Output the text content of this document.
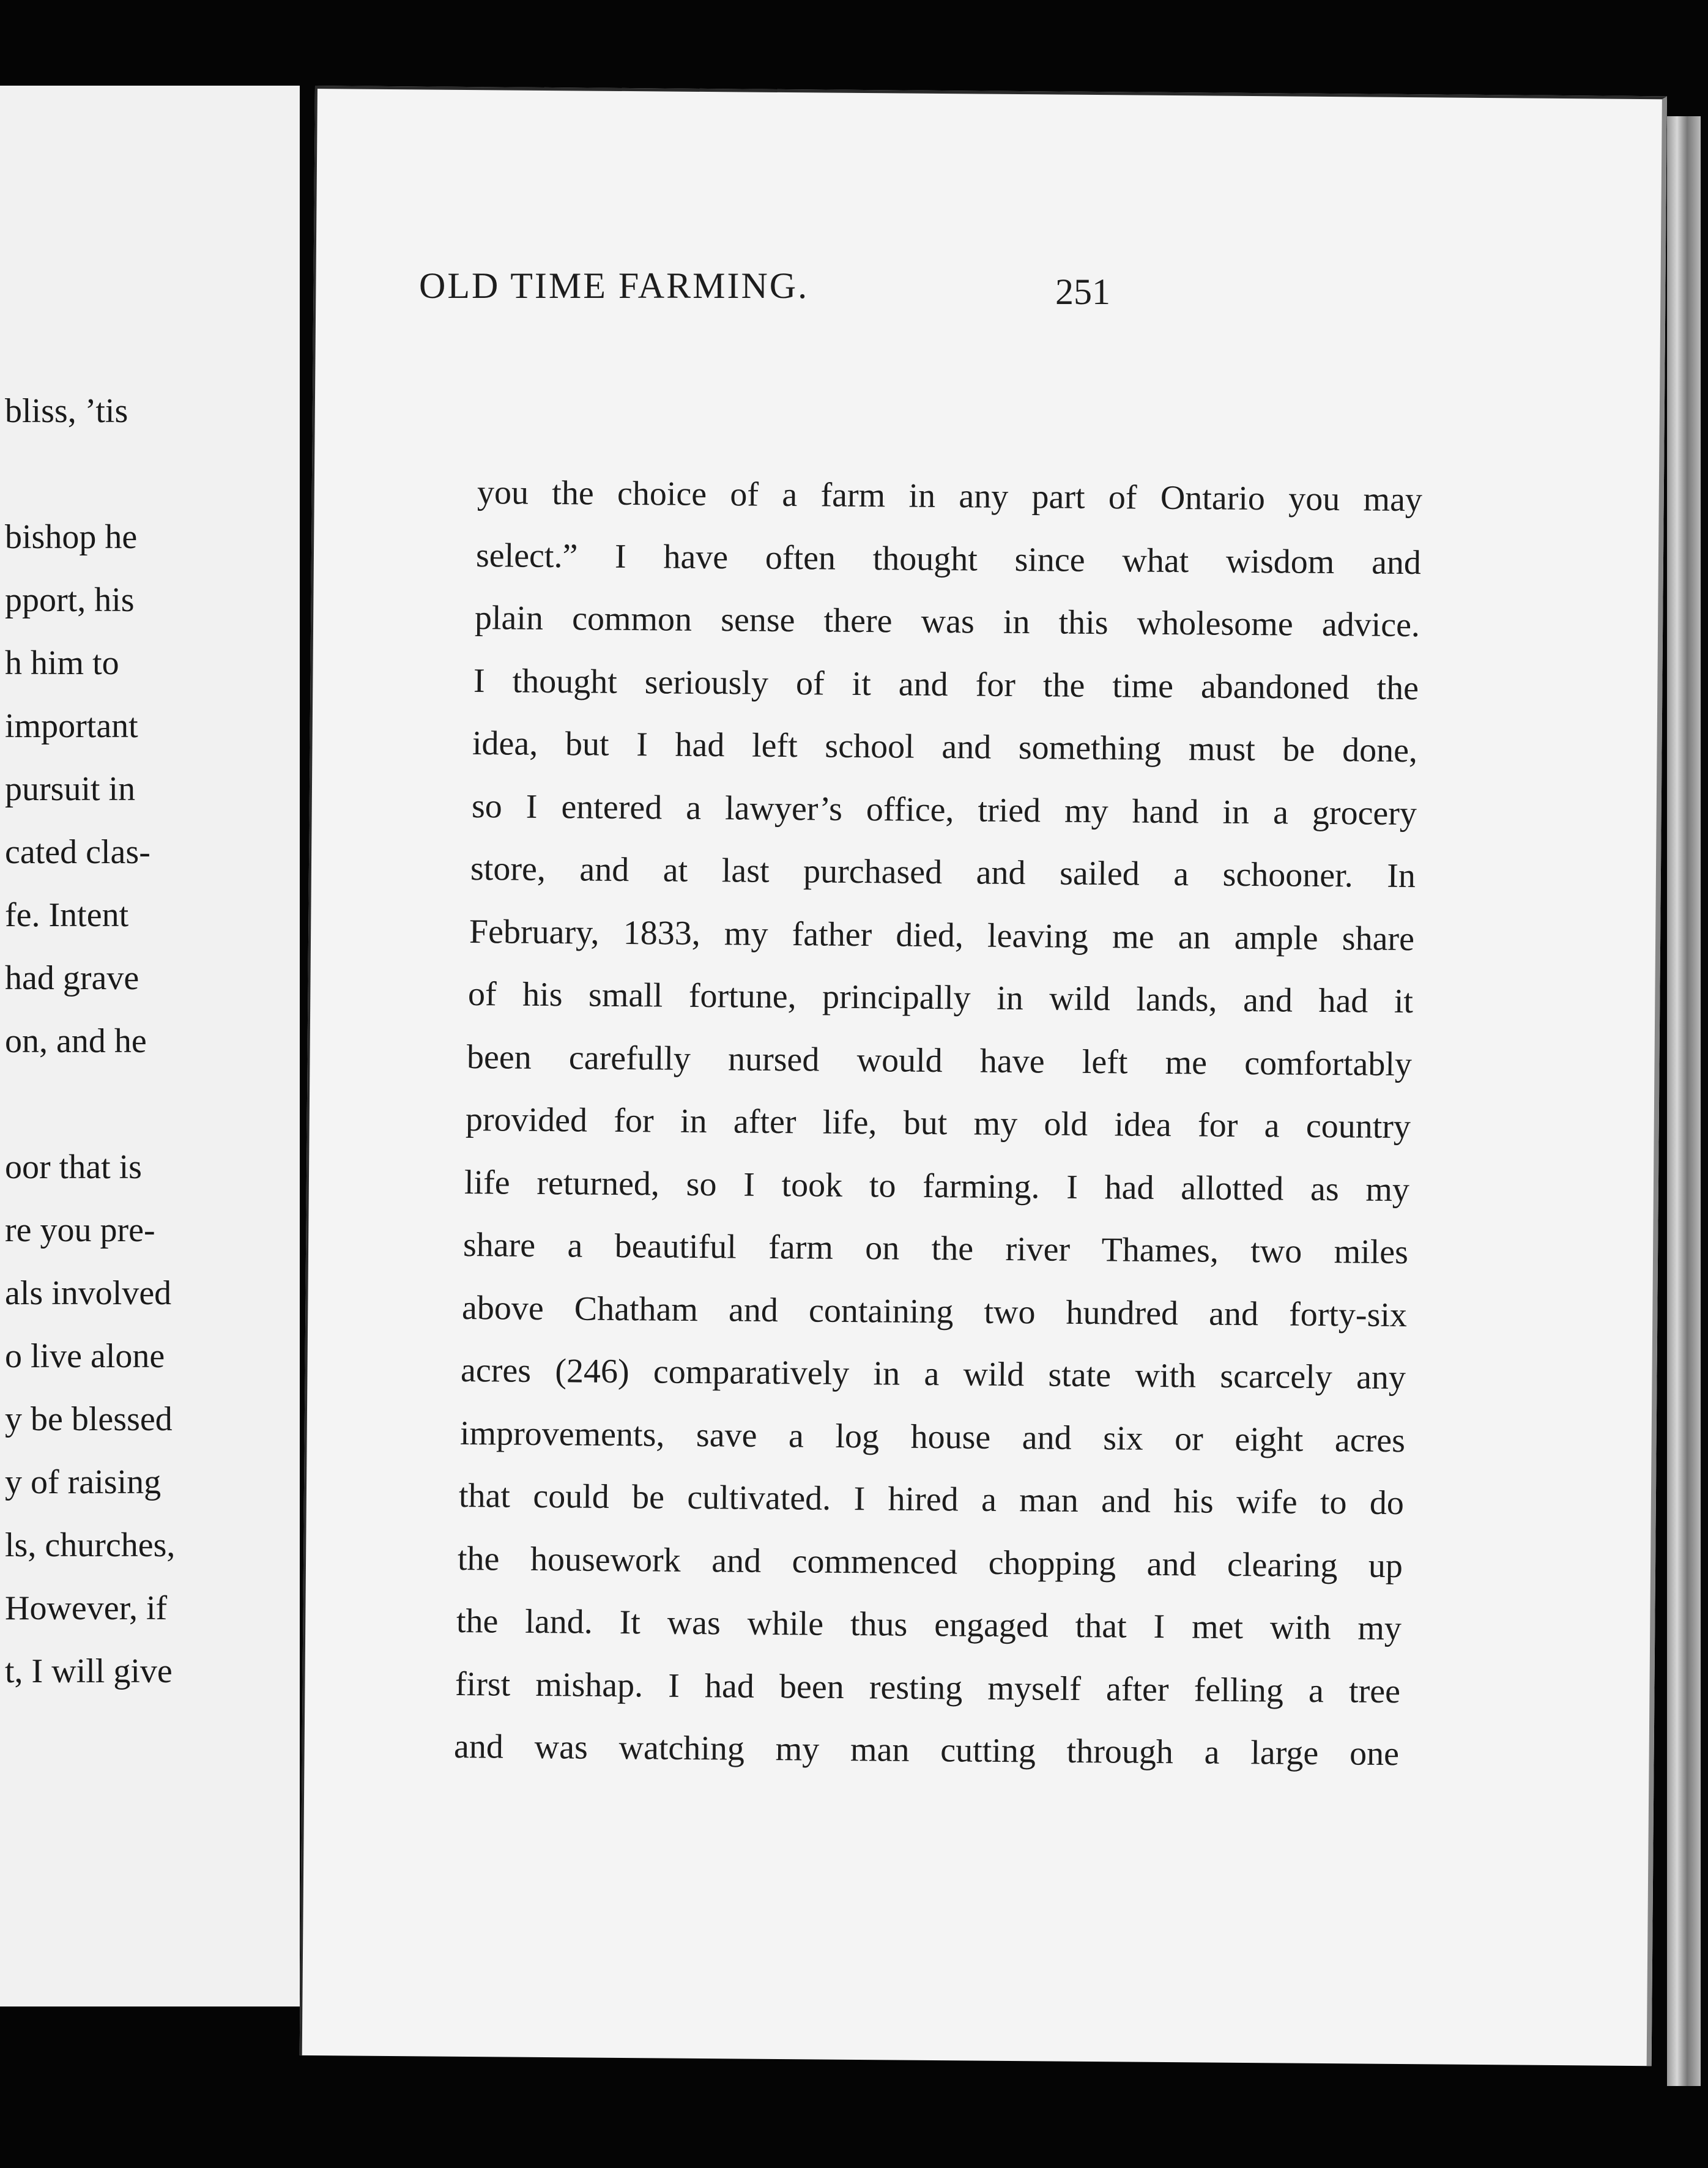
bliss, ’tis
bishop he
pport, his
h him to
important
pursuit in
cated clas-
fe. Intent
had grave
on, and he
oor that is
re you pre-
als involved
o live alone
y be blessed
y of raising
ls, churches,
However, if
t, I will give
OLD TIME FARMING.	251
you the choice of a farm in any part of Ontario you may
select.” I have often thought since what wisdom and
plain common sense there was in this wholesome advice.
I thought seriously of it and for the time abandoned the
idea, but I had left school and something must be done,
so I entered a lawyer’s office, tried my hand in a grocery
store, and at last purchased and sailed a schooner. In
February, 1833, my father died, leaving me an ample share
of his small fortune, principally in wild lands, and had it
been carefully nursed would have left me comfortably
provided for in after life, but my old idea for a country
life returned, so I took to farming. I had allotted as my
share a beautiful farm on the river Thames, two miles
above Chatham and containing two hundred and forty-six
acres (246) comparatively in a wild state with scarcely any
improvements, save a log house and six or eight acres
that could be cultivated. I hired a man and his wife to do
the housework and commenced chopping and clearing up
the land. It was while thus engaged that I met with my
first mishap. I had been resting myself after felling a tree
and was watching my man cutting through a large one
